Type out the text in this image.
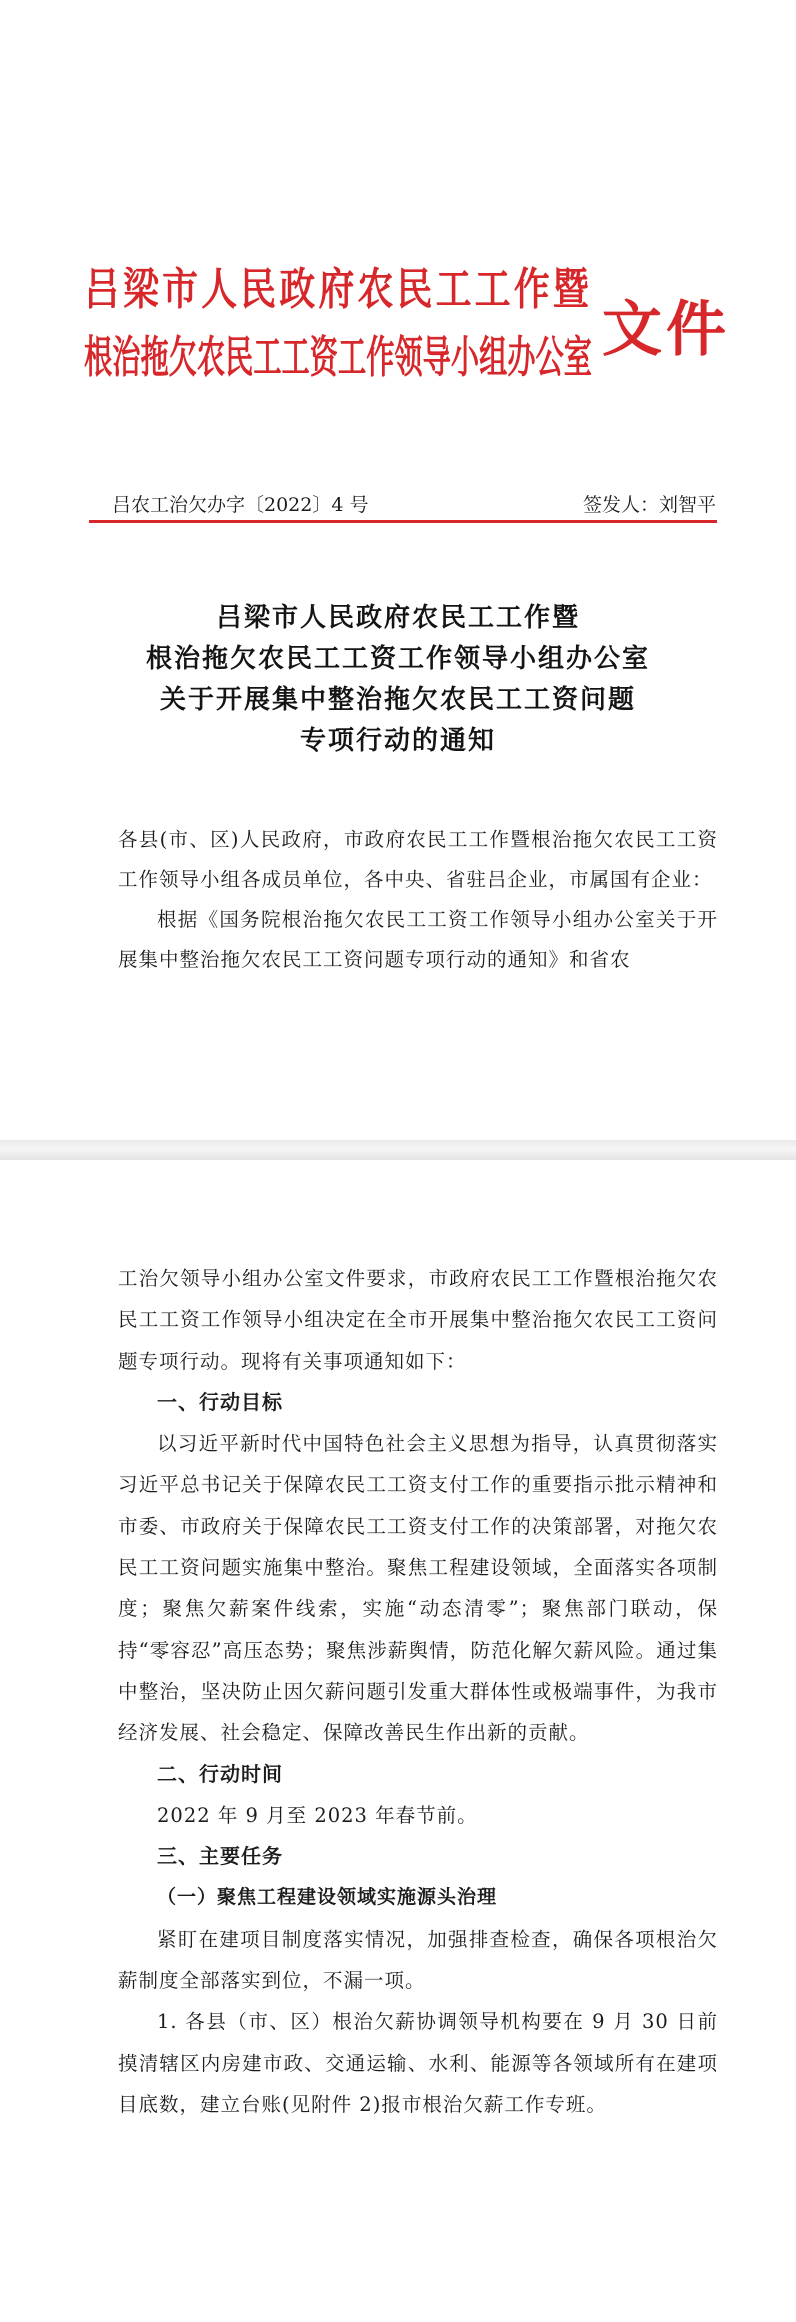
吕梁市人民政府农民工工作暨
根治拖欠农民工工资工作领导小组办公室 文件
吕农工治欠办字〔2022〕4 号	签发人：刘智平
吕梁市人民政府农民工工作暨
根治拖欠农民工工资工作领导小组办公室
关于开展集中整治拖欠农民工工资问题
专项行动的通知

各县(市、区)人民政府，市政府农民工工作暨根治拖欠农民工工资工作领导小组各成员单位，各中央、省驻吕企业，市属国有企业：

根据《国务院根治拖欠农民工工资工作领导小组办公室关于开展集中整治拖欠农民工工资问题专项行动的通知》和省农

工治欠领导小组办公室文件要求，市政府农民工工作暨根治拖欠农民工工资工作领导小组决定在全市开展集中整治拖欠农民工工资问题专项行动。现将有关事项通知如下：

一、行动目标

以习近平新时代中国特色社会主义思想为指导，认真贯彻落实习近平总书记关于保障农民工工资支付工作的重要指示批示精神和市委、市政府关于保障农民工工资支付工作的决策部署，对拖欠农民工工资问题实施集中整治。聚焦工程建设领域，全面落实各项制度；聚焦欠薪案件线索，实施“动态清零”；聚焦部门联动，保持“零容忍”高压态势；聚焦涉薪舆情，防范化解欠薪风险。通过集中整治，坚决防止因欠薪问题引发重大群体性或极端事件，为我市经济发展、社会稳定、保障改善民生作出新的贡献。

二、行动时间

2022 年 9 月至 2023 年春节前。

三、主要任务

（一）聚焦工程建设领域实施源头治理

紧盯在建项目制度落实情况，加强排查检查，确保各项根治欠薪制度全部落实到位，不漏一项。

1. 各县（市、区）根治欠薪协调领导机构要在 9 月 30 日前摸清辖区内房建市政、交通运输、水利、能源等各领域所有在建项目底数，建立台账(见附件 2)报市根治欠薪工作专班。
